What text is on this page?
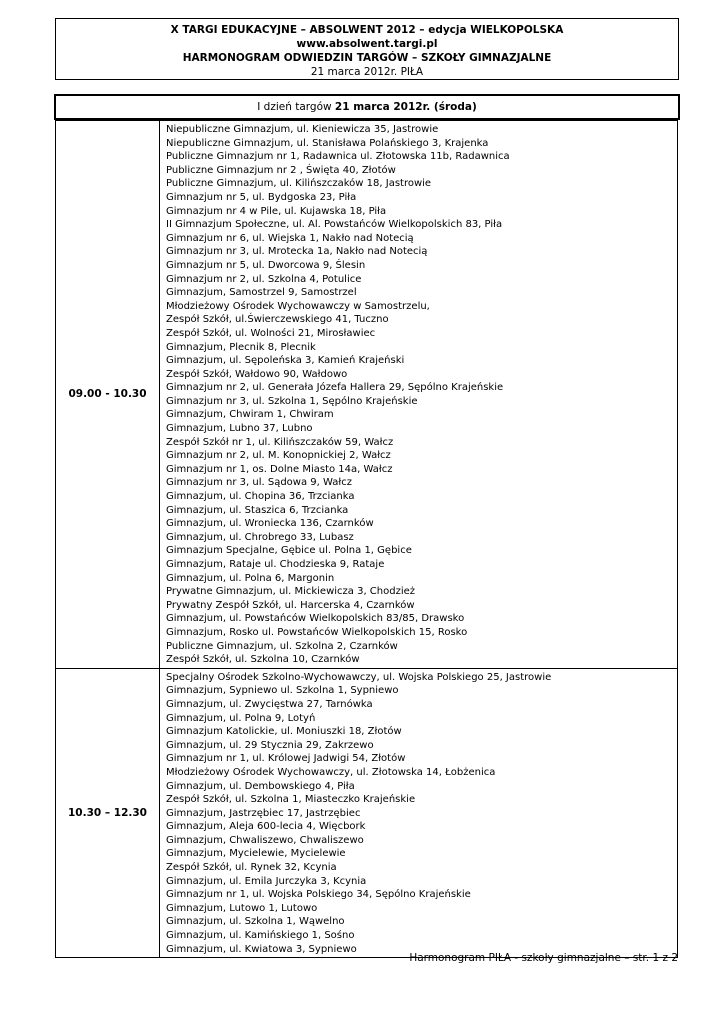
X TARGI EDUKACYJNE – ABSOLWENT 2012 – edycja WIELKOPOLSKA
www.absolwent.targi.pl
HARMONOGRAM ODWIEDZIN TARGÓW – SZKOŁY GIMNAZJALNE
21 marca 2012r. PIŁA
I dzień targów 21 marca 2012r. (środa)
09.00 - 10.30
Niepubliczne Gimnazjum, ul. Kieniewicza 35, Jastrowie
Niepubliczne Gimnazjum, ul. Stanisława Polańskiego 3, Krajenka
Publiczne Gimnazjum nr 1, Radawnica ul. Złotowska 11b, Radawnica
Publiczne Gimnazjum nr 2 , Święta 40, Złotów
Publiczne Gimnazjum, ul. Kilińszczaków 18, Jastrowie
Gimnazjum nr 5, ul. Bydgoska 23, Piła
Gimnazjum nr 4 w Pile, ul. Kujawska 18, Piła
II Gimnazjum Społeczne, ul. Al. Powstańców Wielkopolskich 83, Piła
Gimnazjum nr 6, ul. Wiejska 1, Nakło nad Notecią
Gimnazjum nr 3, ul. Mrotecka 1a, Nakło nad Notecią
Gimnazjum nr 5, ul. Dworcowa 9, Ślesin
Gimnazjum nr 2, ul. Szkolna 4, Potulice
Gimnazjum, Samostrzel 9, Samostrzel
Młodzieżowy Ośrodek Wychowawczy w Samostrzelu,
Zespół Szkół, ul.Świerczewskiego 41, Tuczno
Zespół Szkół, ul. Wolności 21, Mirosławiec
Gimnazjum, Plecnik 8, Plecnik
Gimnazjum, ul. Sępoleńska 3, Kamień Krajeński
Zespół Szkół, Wałdowo 90, Wałdowo
Gimnazjum nr 2, ul. Generała Józefa Hallera 29, Sępólno Krajeńskie
Gimnazjum nr 3, ul. Szkolna 1, Sępólno Krajeńskie
Gimnazjum, Chwiram 1, Chwiram
Gimnazjum, Lubno 37, Lubno
Zespół Szkół nr 1, ul. Kilińszczaków 59, Wałcz
Gimnazjum nr 2, ul. M. Konopnickiej 2, Wałcz
Gimnazjum nr 1, os. Dolne Miasto 14a, Wałcz
Gimnazjum nr 3, ul. Sądowa 9, Wałcz
Gimnazjum, ul. Chopina 36, Trzcianka
Gimnazjum, ul. Staszica 6, Trzcianka
Gimnazjum, ul. Wroniecka 136, Czarnków
Gimnazjum, ul. Chrobrego 33, Lubasz
Gimnazjum Specjalne, Gębice ul. Polna 1, Gębice
Gimnazjum, Rataje ul. Chodzieska 9, Rataje
Gimnazjum, ul. Polna 6, Margonin
Prywatne Gimnazjum, ul. Mickiewicza 3, Chodzież
Prywatny Zespół Szkół, ul. Harcerska 4, Czarnków
Gimnazjum, ul. Powstańców Wielkopolskich 83/85, Drawsko
Gimnazjum, Rosko ul. Powstańców Wielkopolskich 15, Rosko
Publiczne Gimnazjum, ul. Szkolna 2, Czarnków
Zespół Szkół, ul. Szkolna 10, Czarnków
10.30 – 12.30
Specjalny Ośrodek Szkolno-Wychowawczy, ul. Wojska Polskiego 25, Jastrowie
Gimnazjum, Sypniewo ul. Szkolna 1, Sypniewo
Gimnazjum, ul. Zwycięstwa 27, Tarnówka
Gimnazjum, ul. Polna 9, Lotyń
Gimnazjum Katolickie, ul. Moniuszki 18, Złotów
Gimnazjum, ul. 29 Stycznia 29, Zakrzewo
Gimnazjum nr 1, ul. Królowej Jadwigi 54, Złotów
Młodzieżowy Ośrodek Wychowawczy, ul. Złotowska 14, Łobżenica
Gimnazjum, ul. Dembowskiego 4, Piła
Zespół Szkół, ul. Szkolna 1, Miasteczko Krajeńskie
Gimnazjum, Jastrzębiec 17, Jastrzębiec
Gimnazjum, Aleja 600-lecia 4, Więcbork
Gimnazjum, Chwaliszewo, Chwaliszewo
Gimnazjum, Mycielewie, Mycielewie
Zespół Szkół, ul. Rynek 32, Kcynia
Gimnazjum, ul. Emila Jurczyka 3, Kcynia
Gimnazjum nr 1, ul. Wojska Polskiego 34, Sępólno Krajeńskie
Gimnazjum, Lutowo 1, Lutowo
Gimnazjum, ul. Szkolna 1, Wąwelno
Gimnazjum, ul. Kamińskiego 1, Sośno
Gimnazjum, ul. Kwiatowa 3, Sypniewo
Harmonogram PIŁA - szkoły gimnazjalne – str. 1 z 2
